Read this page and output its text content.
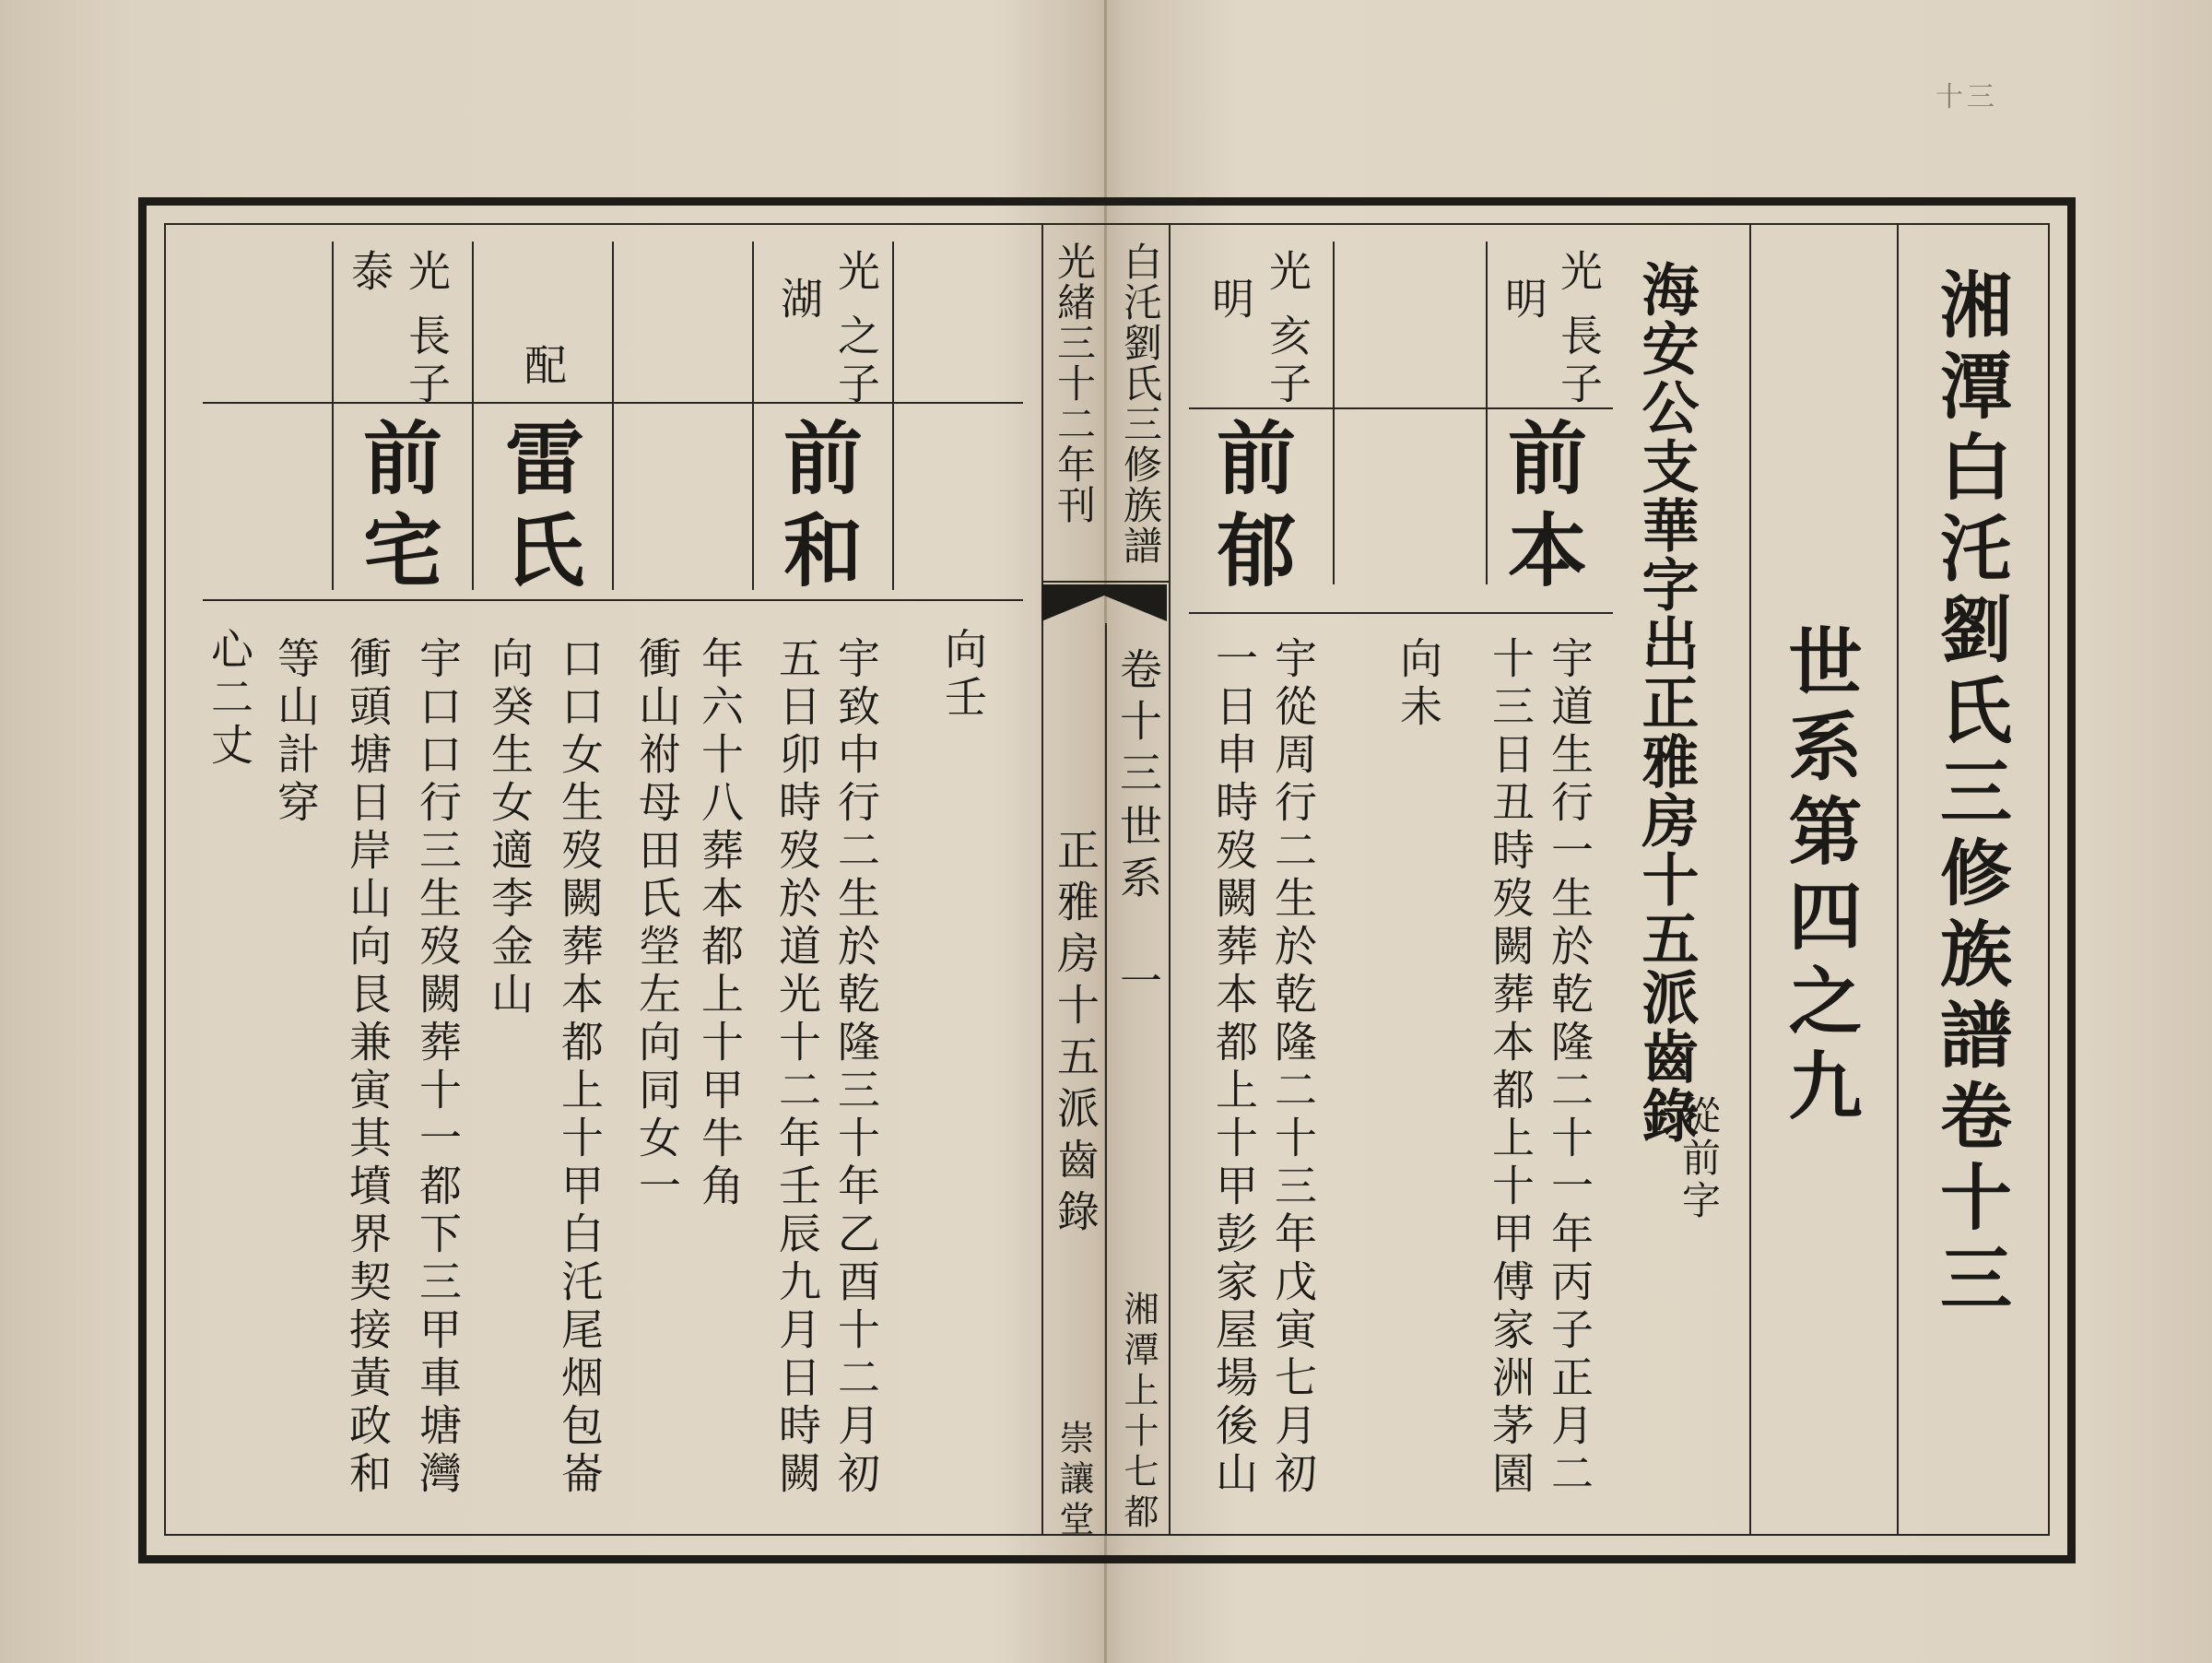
十三
湘潭白汑劉氏三修族譜卷十三
世系第四之九
海安公支華字出正雅房十五派齒錄
從前字
白汑劉氏三修族譜
光緒三十二年刊
卷十三
世系
一
正雅房十五派齒錄
湘潭上十七都
崇讓堂
光
長子
明
前本
宇道生行一生於乾隆二十一年丙子正月二
十三日丑時歿闕葬本都上十甲傅家洲茅園
向未
光
亥子
明
前郁
宇從周行二生於乾隆二十三年戊寅七月初
一日申時歿闕葬本都上十甲彭家屋場後山
光
之子
湖
前和
向壬
宇致中行二生於乾隆三十年乙酉十二月初
五日卯時歿於道光十二年壬辰九月日時闕
年六十八葬本都上十甲牛角
衝山祔母田氏塋左向同女一
配
雷氏
口口女生歿闕葬本都上十甲白汑尾烟包崙
向癸生女適李金山
光
長子
泰
前宅
宇口口行三生歿闕葬十一都下三甲車塘灣
衝頭塘日岸山向艮兼寅其墳界契接黃政和
等山計穿
心二丈
